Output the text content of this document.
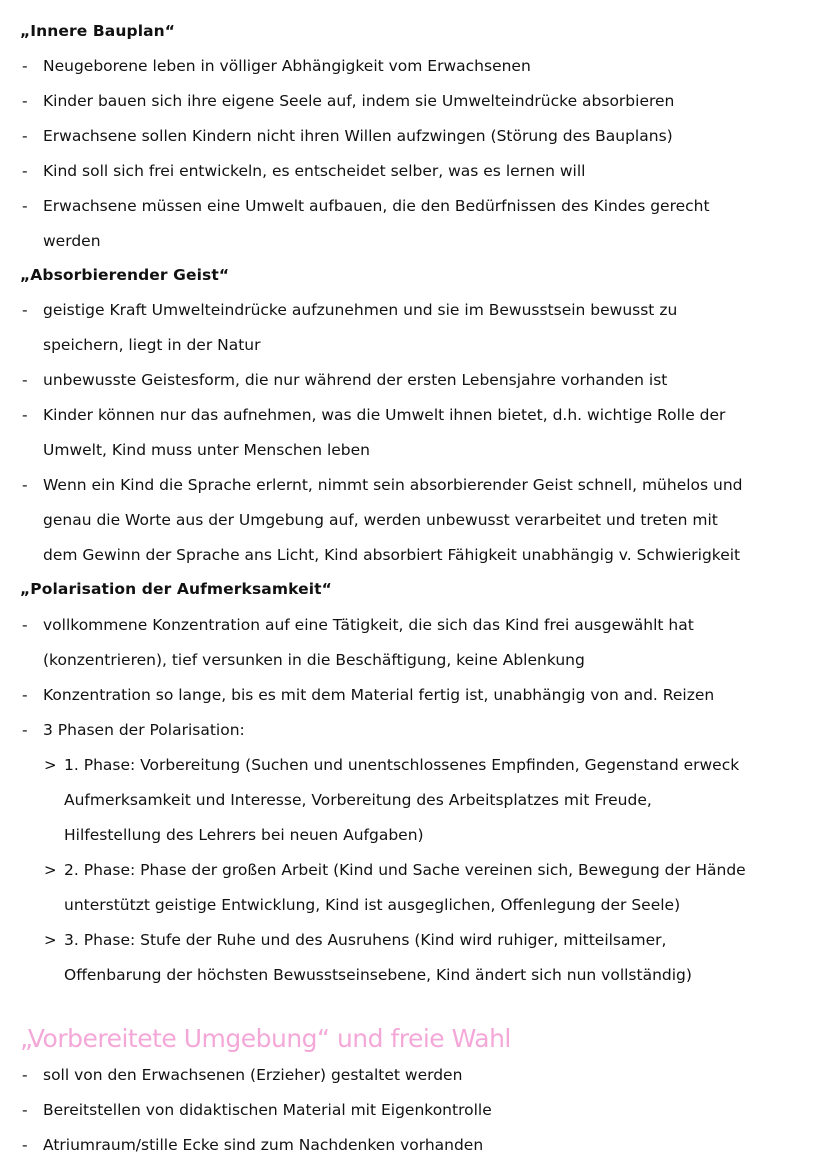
„Innere Bauplan“
- Neugeborene leben in völliger Abhängigkeit vom Erwachsenen
- Kinder bauen sich ihre eigene Seele auf, indem sie Umwelteindrücke absorbieren
- Erwachsene sollen Kindern nicht ihren Willen aufzwingen (Störung des Bauplans)
- Kind soll sich frei entwickeln, es entscheidet selber, was es lernen will
- Erwachsene müssen eine Umwelt aufbauen, die den Bedürfnissen des Kindes gerecht
werden
„Absorbierender Geist“
- geistige Kraft Umwelteindrücke aufzunehmen und sie im Bewusstsein bewusst zu
speichern, liegt in der Natur
- unbewusste Geistesform, die nur während der ersten Lebensjahre vorhanden ist
- Kinder können nur das aufnehmen, was die Umwelt ihnen bietet, d.h. wichtige Rolle der
Umwelt, Kind muss unter Menschen leben
- Wenn ein Kind die Sprache erlernt, nimmt sein absorbierender Geist schnell, mühelos und
genau die Worte aus der Umgebung auf, werden unbewusst verarbeitet und treten mit
dem Gewinn der Sprache ans Licht, Kind absorbiert Fähigkeit unabhängig v. Schwierigkeit
„Polarisation der Aufmerksamkeit“
- vollkommene Konzentration auf eine Tätigkeit, die sich das Kind frei ausgewählt hat
(konzentrieren), tief versunken in die Beschäftigung, keine Ablenkung
- Konzentration so lange, bis es mit dem Material fertig ist, unabhängig von and. Reizen
- 3 Phasen der Polarisation:
> 1. Phase: Vorbereitung (Suchen und unentschlossenes Empfinden, Gegenstand erweck
Aufmerksamkeit und Interesse, Vorbereitung des Arbeitsplatzes mit Freude,
Hilfestellung des Lehrers bei neuen Aufgaben)
> 2. Phase: Phase der großen Arbeit (Kind und Sache vereinen sich, Bewegung der Hände
unterstützt geistige Entwicklung, Kind ist ausgeglichen, Offenlegung der Seele)
> 3. Phase: Stufe der Ruhe und des Ausruhens (Kind wird ruhiger, mitteilsamer,
Offenbarung der höchsten Bewusstseinsebene, Kind ändert sich nun vollständig)
„Vorbereitete Umgebung“ und freie Wahl
- soll von den Erwachsenen (Erzieher) gestaltet werden
- Bereitstellen von didaktischen Material mit Eigenkontrolle
- Atriumraum/stille Ecke sind zum Nachdenken vorhanden
